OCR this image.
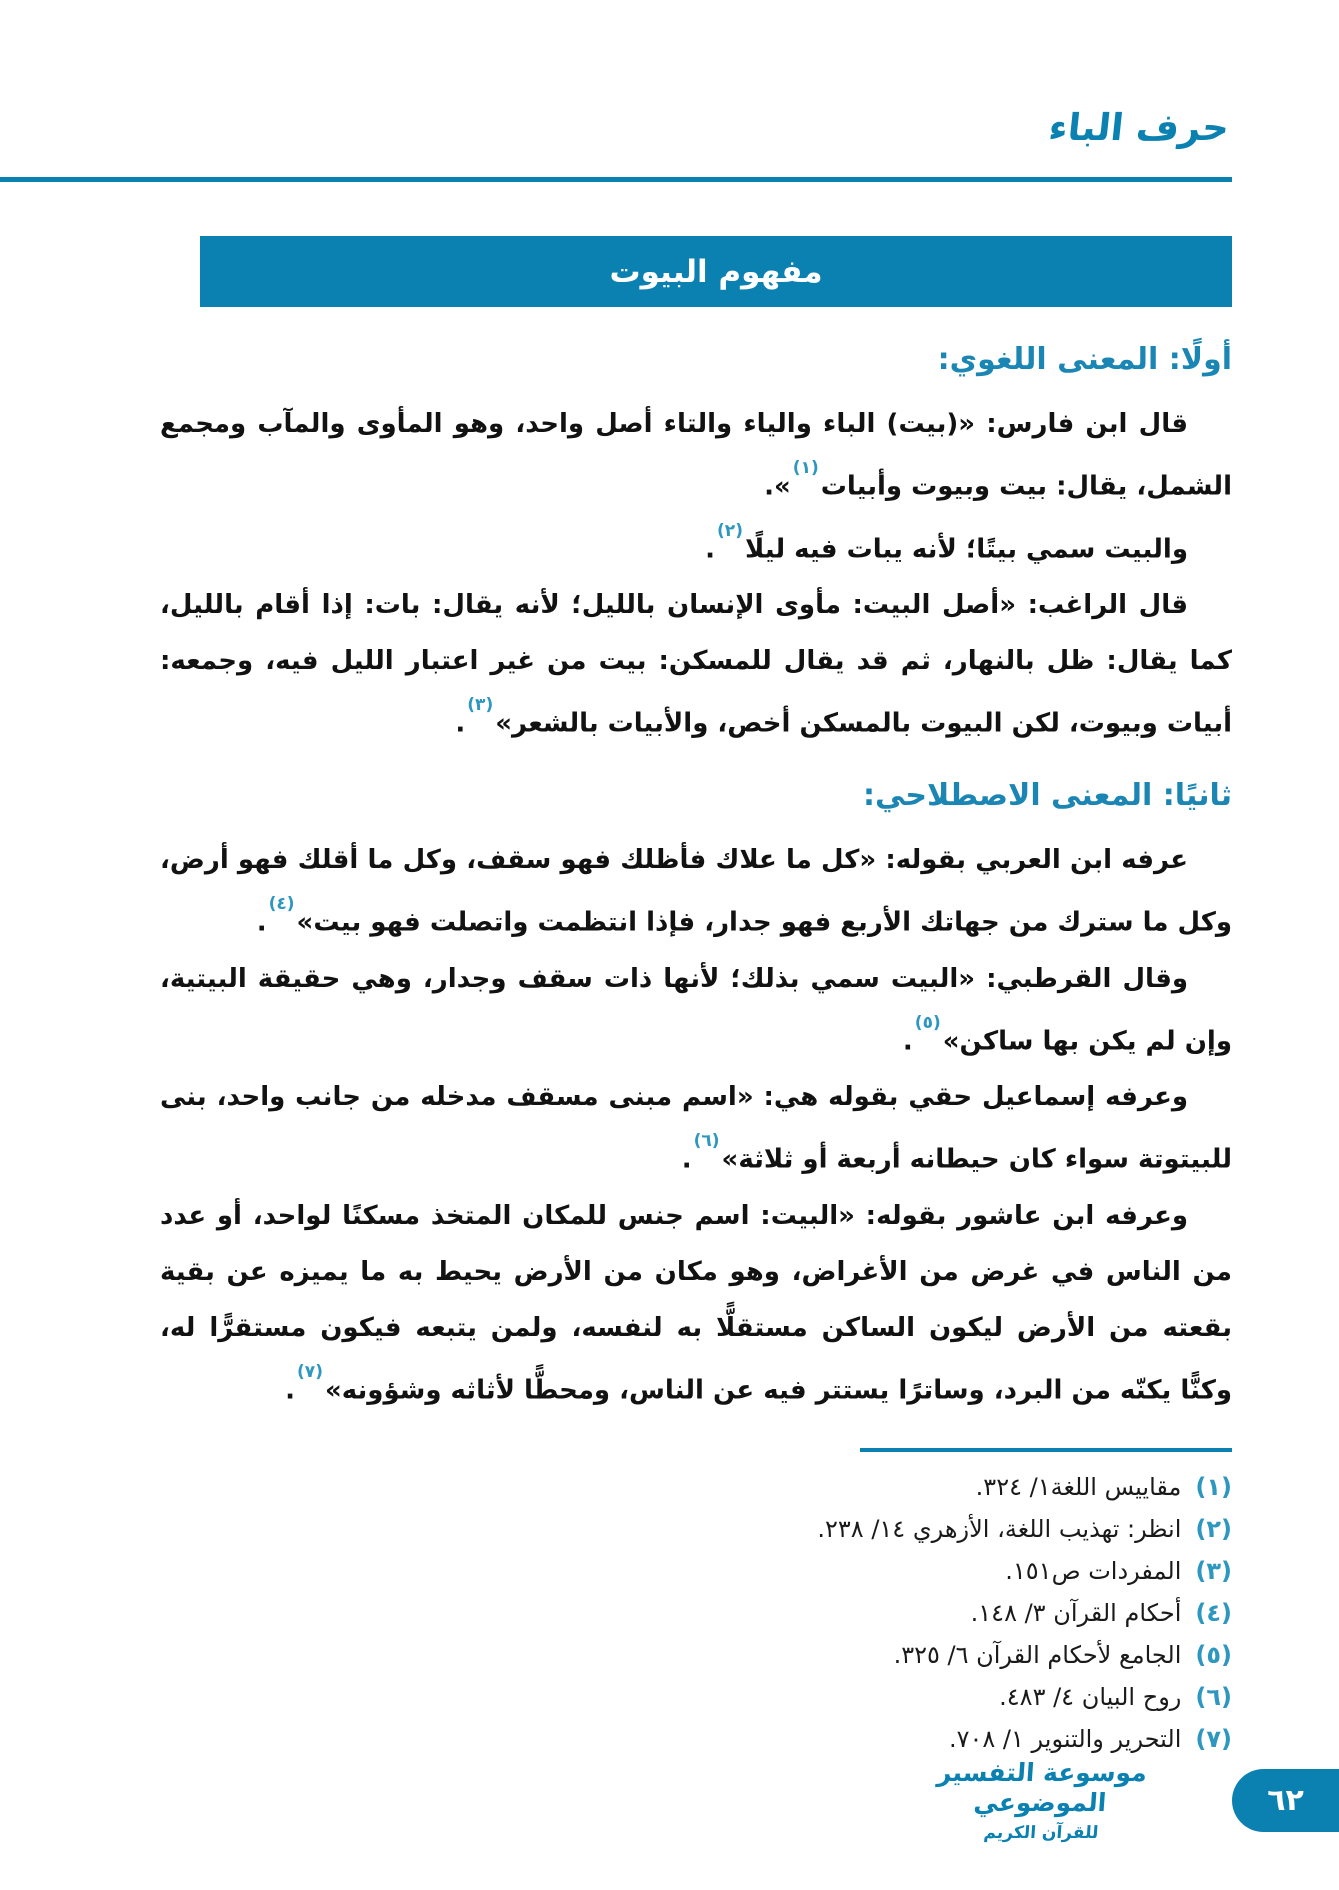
حرف الباء
مفهوم البيوت
أولًا: المعنى اللغوي:

قال ابن فارس: «(بيت) الباء والياء والتاء أصل واحد، وهو المأوى والمآب ومجمع الشمل، يقال: بيت وبيوت وأبيات$^{(١)}$».

والبيت سمي بيتًا؛ لأنه يبات فيه ليلًا$^{(٢)}$.

قال الراغب: «أصل البيت: مأوى الإنسان بالليل؛ لأنه يقال: بات: إذا أقام بالليل، كما يقال: ظل بالنهار، ثم قد يقال للمسكن: بيت من غير اعتبار الليل فيه، وجمعه: أبيات وبيوت، لكن البيوت بالمسكن أخص، والأبيات بالشعر»$^{(٣)}$.

ثانيًا: المعنى الاصطلاحي:

عرفه ابن العربي بقوله: «كل ما علاك فأظلك فهو سقف، وكل ما أقلك فهو أرض، وكل ما سترك من جهاتك الأربع فهو جدار، فإذا انتظمت واتصلت فهو بيت»$^{(٤)}$.

وقال القرطبي: «البيت سمي بذلك؛ لأنها ذات سقف وجدار، وهي حقيقة البيتية، وإن لم يكن بها ساكن»$^{(٥)}$.

وعرفه إسماعيل حقي بقوله هي: «اسم مبنى مسقف مدخله من جانب واحد، بنى للبيتوتة سواء كان حيطانه أربعة أو ثلاثة»$^{(٦)}$.

وعرفه ابن عاشور بقوله: «البيت: اسم جنس للمكان المتخذ مسكنًا لواحد، أو عدد من الناس في غرض من الأغراض، وهو مكان من الأرض يحيط به ما يميزه عن بقية بقعته من الأرض ليكون الساكن مستقلًّا به لنفسه، ولمن يتبعه فيكون مستقرًّا له، وكنًّا يكنّه من البرد، وساترًا يستتر فيه عن الناس، ومحطًّا لأثاثه وشؤونه»$^{(٧)}$.

(١)
مقاييس اللغة١/ ٣٢٤.
(٢)
انظر: تهذيب اللغة، الأزهري ١٤/ ٢٣٨.
(٣)
المفردات ص١٥١.
(٤)
أحكام القرآن ٣/ ١٤٨.
(٥)
الجامع لأحكام القرآن ٦/ ٣٢٥.
(٦)
روح البيان ٤/ ٤٨٣.
(٧)
التحرير والتنوير ١/ ٧٠٨.
موسوعة التفسير الموضوعي
للقرآن الكريم
٦٢
